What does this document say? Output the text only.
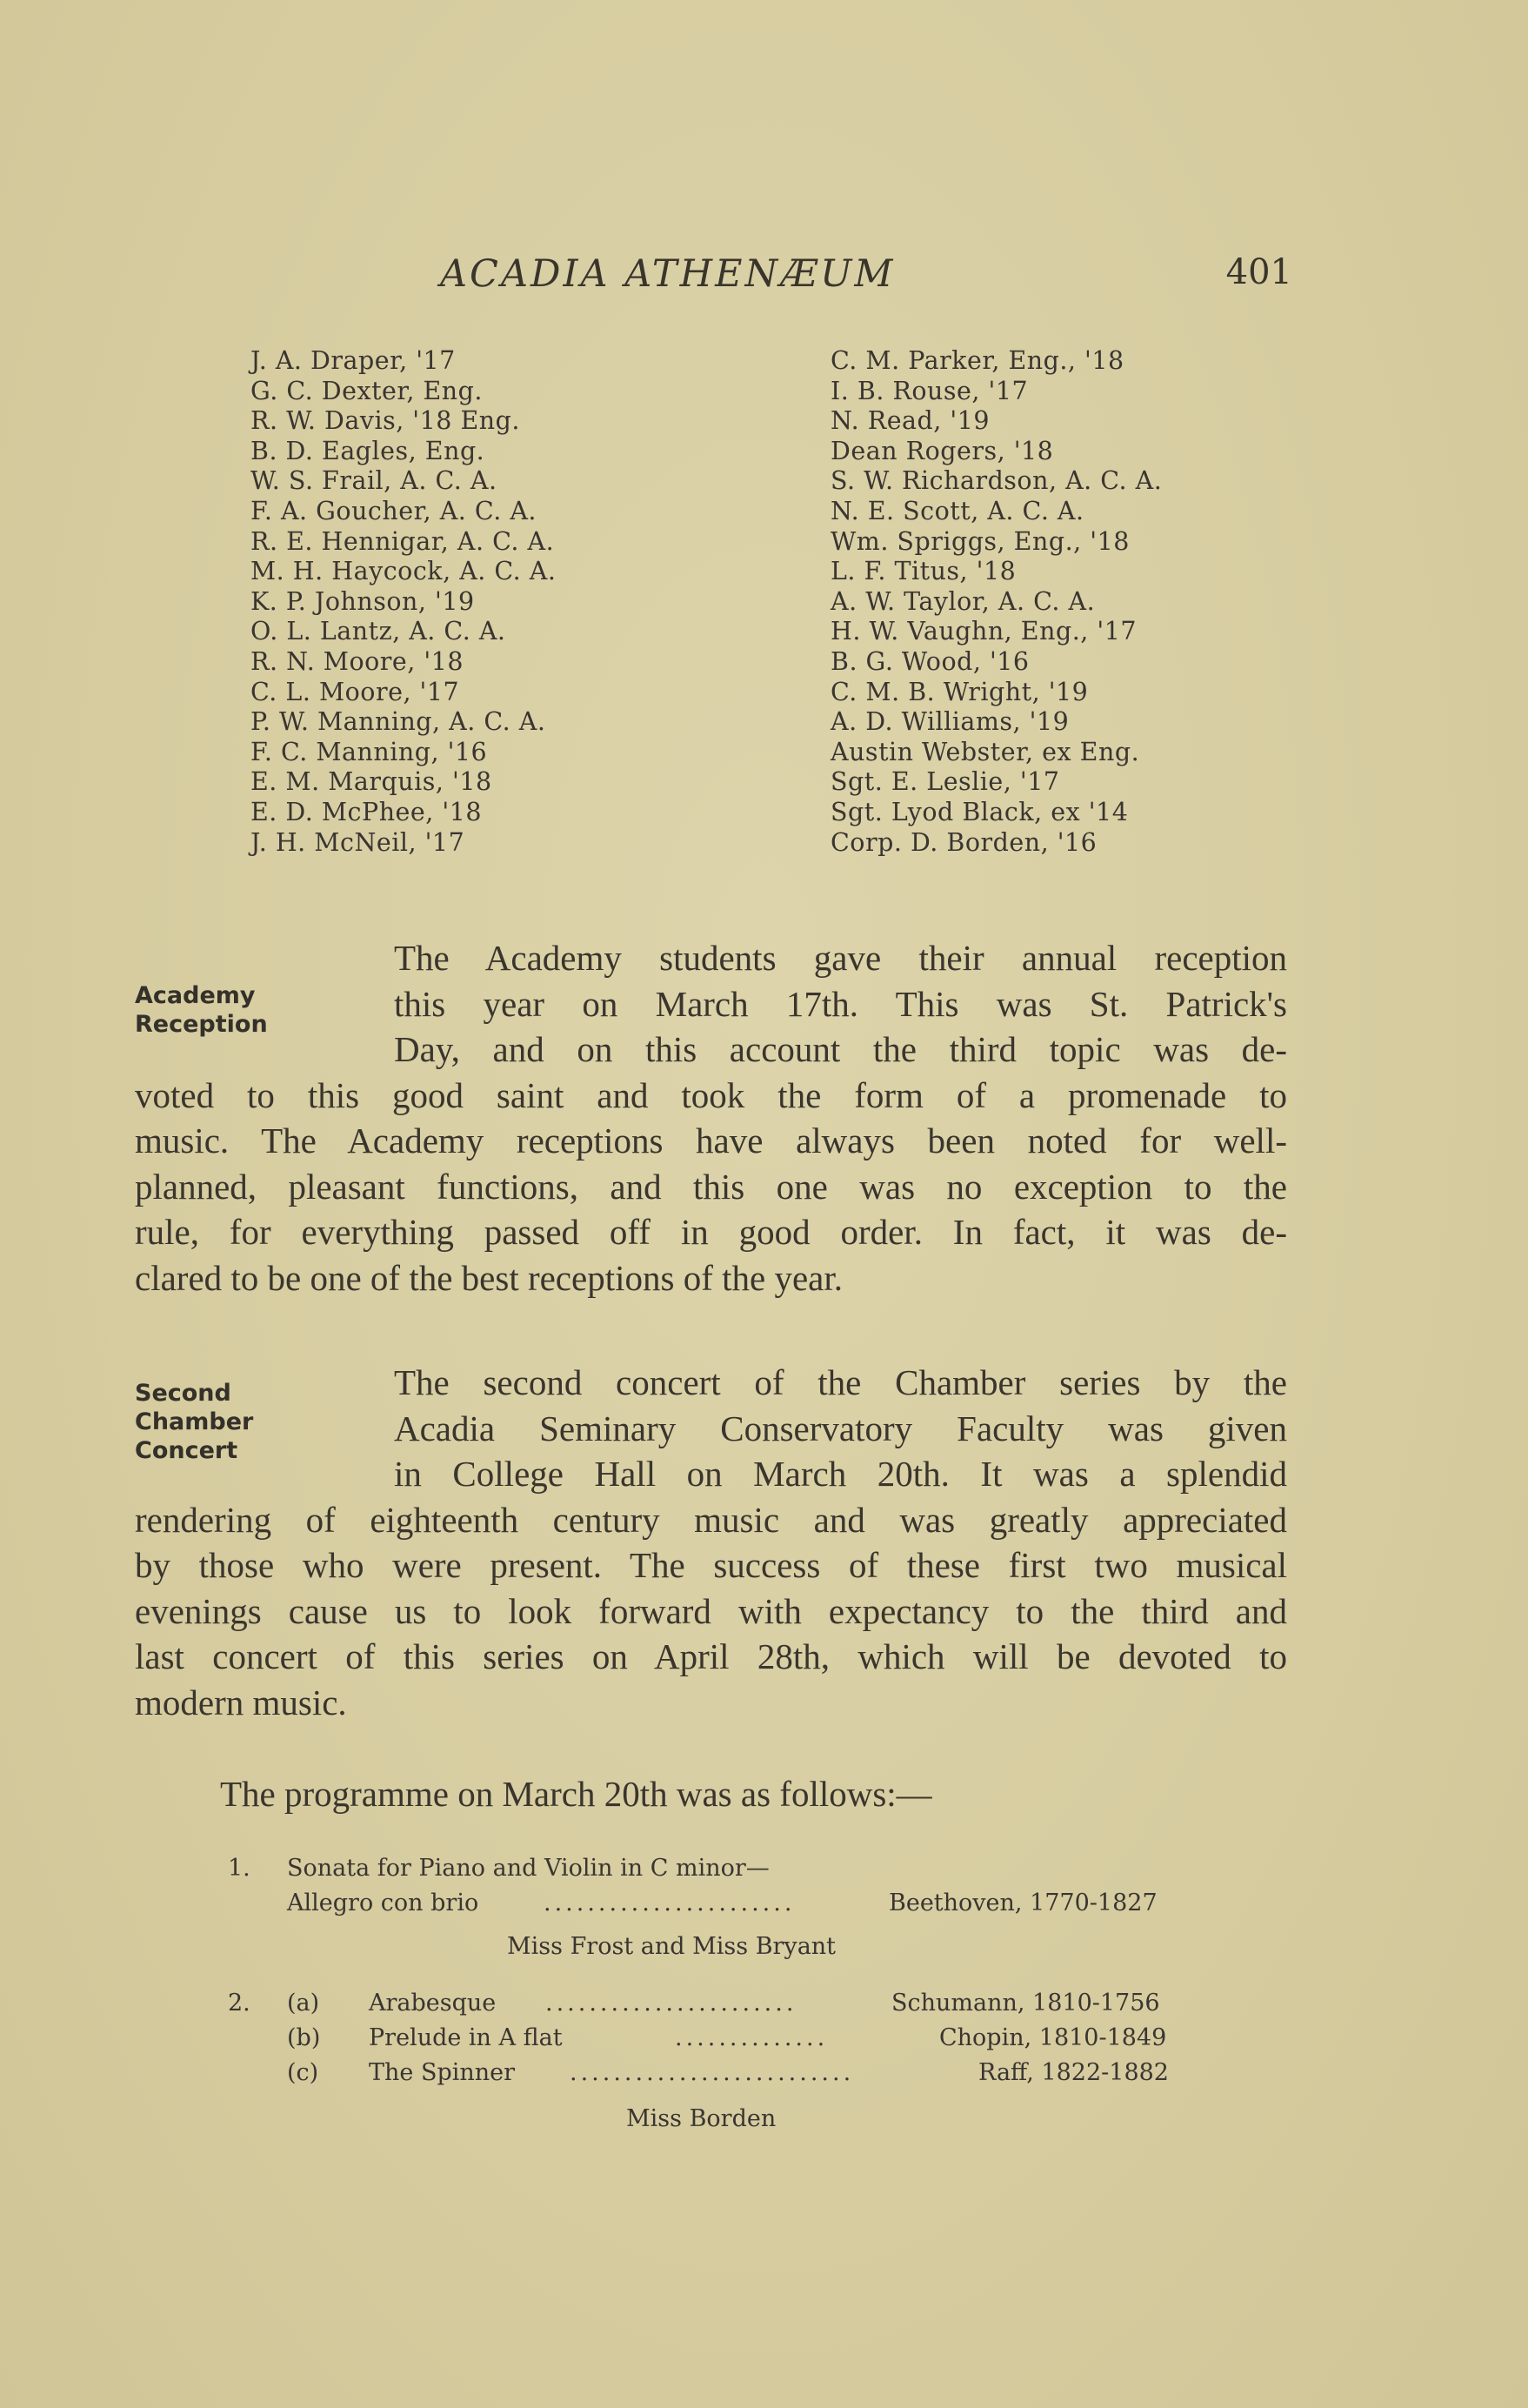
ACADIA ATHENÆUM	401
J. A. Draper, '17
G. C. Dexter, Eng.
R. W. Davis, '18 Eng.
B. D. Eagles, Eng.
W. S. Frail, A. C. A.
F. A. Goucher, A. C. A.
R. E. Hennigar, A. C. A.
M. H. Haycock, A. C. A.
K. P. Johnson, '19
O. L. Lantz, A. C. A.
R. N. Moore, '18
C. L. Moore, '17
P. W. Manning, A. C. A.
F. C. Manning, '16
E. M. Marquis, '18
E. D. McPhee, '18
J. H. McNeil, '17
C. M. Parker, Eng., '18
I. B. Rouse, '17
N. Read, '19
Dean Rogers, '18
S. W. Richardson, A. C. A.
N. E. Scott, A. C. A.
Wm. Spriggs, Eng., '18
L. F. Titus, '18
A. W. Taylor, A. C. A.
H. W. Vaughn, Eng., '17
B. G. Wood, '16
C. M. B. Wright, '19
A. D. Williams, '19
Austin Webster, ex Eng.
Sgt. E. Leslie, '17
Sgt. Lyod Black, ex '14
Corp. D. Borden, '16
Academy
Reception
The Academy students gave their annual reception
this year on March 17th. This was St. Patrick's
Day, and on this account the third topic was de-
voted to this good saint and took the form of a promenade to
music. The Academy receptions have always been noted for well-
planned, pleasant functions, and this one was no exception to the
rule, for everything passed off in good order. In fact, it was de-
clared to be one of the best receptions of the year.
Second
Chamber
Concert
The second concert of the Chamber series by the
Acadia Seminary Conservatory Faculty was given
in College Hall on March 20th. It was a splendid
rendering of eighteenth century music and was greatly appreciated
by those who were present. The success of these first two musical
evenings cause us to look forward with expectancy to the third and
last concert of this series on April 28th, which will be devoted to
modern music.
The programme on March 20th was as follows:—
1. Sonata for Piano and Violin in C minor—
Allegro con brio	.......................	Beethoven, 1770-1827
Miss Frost and Miss Bryant
2. (a) Arabesque .......................	Schumann, 1810-1756
(b) Prelude in A flat	..............	Chopin, 1810-1849
(c) The Spinner ..........................	Raff, 1822-1882
Miss Borden
